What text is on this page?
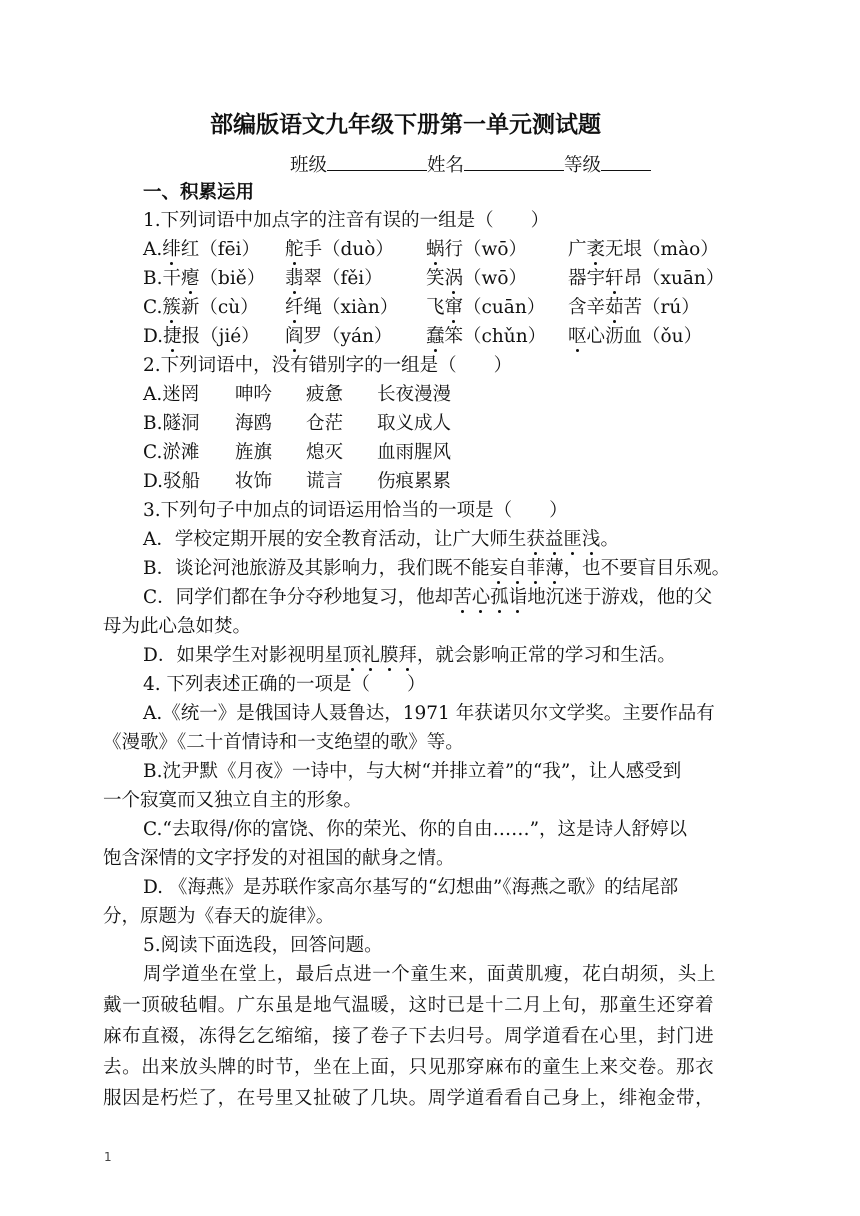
部编版语文九年级下册第一单元测试题
班级	姓名	等级
一、积累运用
1.下列词语中加点字的注音有误的一组是（　　）
A.绯红（fēi） 舵手（duò） 蜗行（wō） 广袤无垠（mào）
B.干瘪（biě） 翡翠（fěi） 笑涡（wō） 器宇轩昂（xuān）
C.簇新（cù） 纤绳（xiàn） 飞窜（cuān） 含辛茹苦（rú）
D.捷报（jié） 阎罗（yán） 蠢笨（chǔn） 呕心沥血（ǒu）
2.下列词语中，没有错别字的一组是（　　）
A.迷罔 呻吟 疲惫 长夜漫漫
B.隧洞 海鸥 仓茫 取义成人
C.淤滩 旌旗 熄灭 血雨腥风
D.驳船 妆饰 谎言 伤痕累累
3.下列句子中加点的词语运用恰当的一项是（　　）
A．学校定期开展的安全教育活动，让广大师生获益匪浅。
B．谈论河池旅游及其影响力，我们既不能妄自菲薄，也不要盲目乐观。
C．同学们都在争分夺秒地复习，他却苦心孤诣地沉迷于游戏，他的父
母为此心急如焚。
D．如果学生对影视明星顶礼膜拜，就会影响正常的学习和生活。
4. 下列表述正确的一项是（　　）
A.《统一》是俄国诗人聂鲁达，1971 年获诺贝尔文学奖。主要作品有
《漫歌》《二十首情诗和一支绝望的歌》等。
B.沈尹默《月夜》一诗中，与大树“并排立着”的“我”，让人感受到
一个寂寞而又独立自主的形象。
C.“去取得/你的富饶、你的荣光、你的自由……”，这是诗人舒婷以
饱含深情的文字抒发的对祖国的献身之情。
D. 《海燕》是苏联作家高尔基写的“幻想曲”《海燕之歌》的结尾部
分，原题为《春天的旋律》。
5.阅读下面选段，回答问题。
周学道坐在堂上，最后点进一个童生来，面黄肌瘦，花白胡须，头上
戴一顶破毡帽。广东虽是地气温暖，这时已是十二月上旬，那童生还穿着
麻布直裰，冻得乞乞缩缩，接了卷子下去归号。周学道看在心里，封门进
去。出来放头牌的时节，坐在上面，只见那穿麻布的童生上来交卷。那衣
服因是朽烂了，在号里又扯破了几块。周学道看看自己身上，绯袍金带，
1
